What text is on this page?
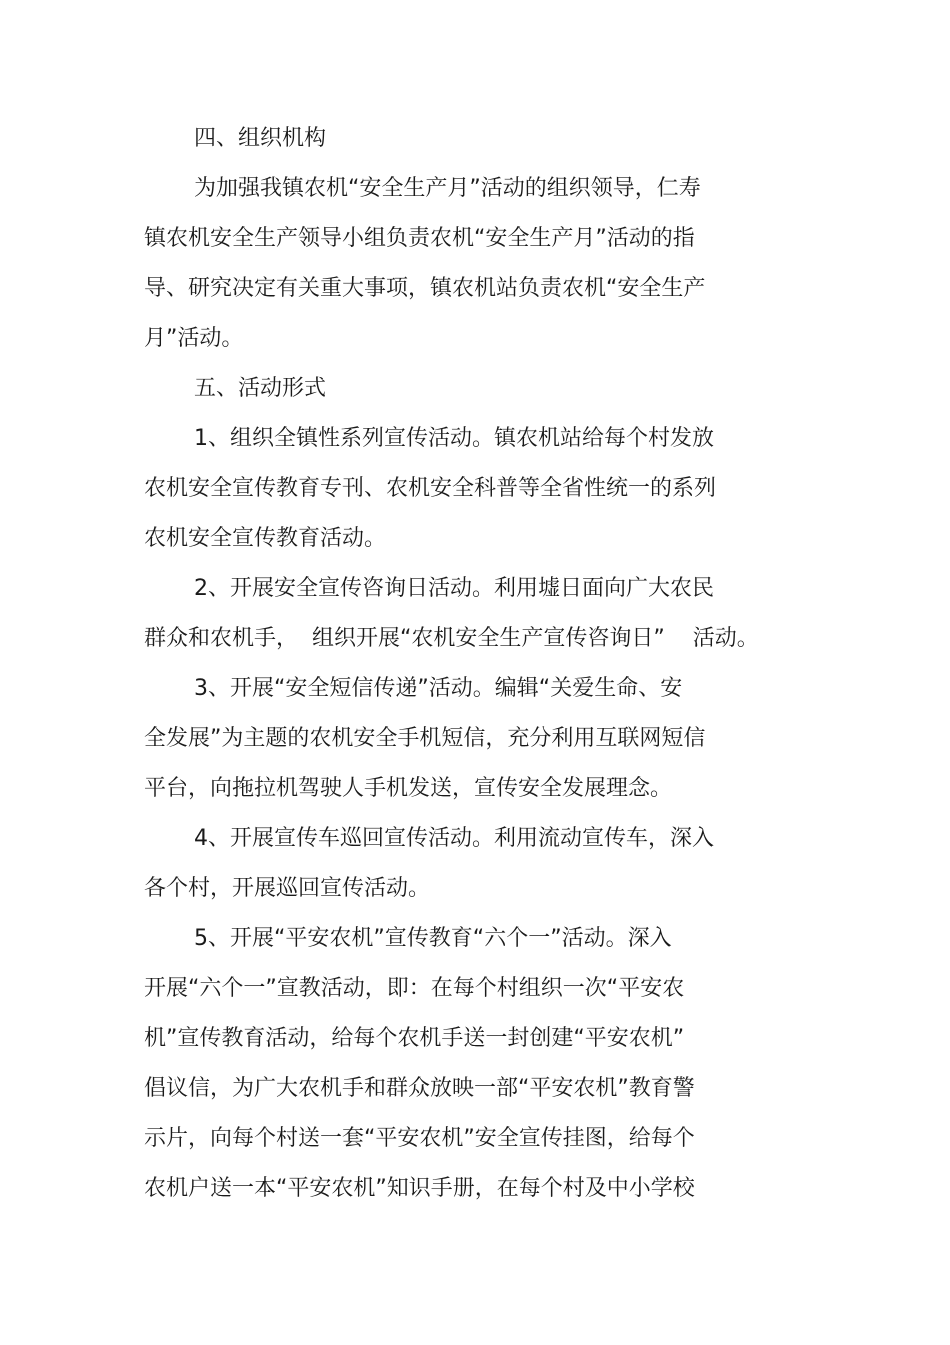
四、组织机构
为加强我镇农机“安全生产月”活动的组织领导，仁寿
镇农机安全生产领导小组负责农机“安全生产月”活动的指
导、研究决定有关重大事项，镇农机站负责农机“安全生产
月”活动。
五、活动形式
1、组织全镇性系列宣传活动。镇农机站给每个村发放
农机安全宣传教育专刊、农机安全科普等全省性统一的系列
农机安全宣传教育活动。
2、开展安全宣传咨询日活动。利用墟日面向广大农民
群众和农机手，  组织开展“农机安全生产宣传咨询日”    活动。
3、开展“安全短信传递”活动。编辑“关爱生命、安
全发展”为主题的农机安全手机短信，充分利用互联网短信
平台，向拖拉机驾驶人手机发送，宣传安全发展理念。
4、开展宣传车巡回宣传活动。利用流动宣传车，深入
各个村，开展巡回宣传活动。
5、开展“平安农机”宣传教育“六个一”活动。深入
开展“六个一”宣教活动，即：在每个村组织一次“平安农
机”宣传教育活动，给每个农机手送一封创建“平安农机”
倡议信，为广大农机手和群众放映一部“平安农机”教育警
示片，向每个村送一套“平安农机”安全宣传挂图，给每个
农机户送一本“平安农机”知识手册，在每个村及中小学校
